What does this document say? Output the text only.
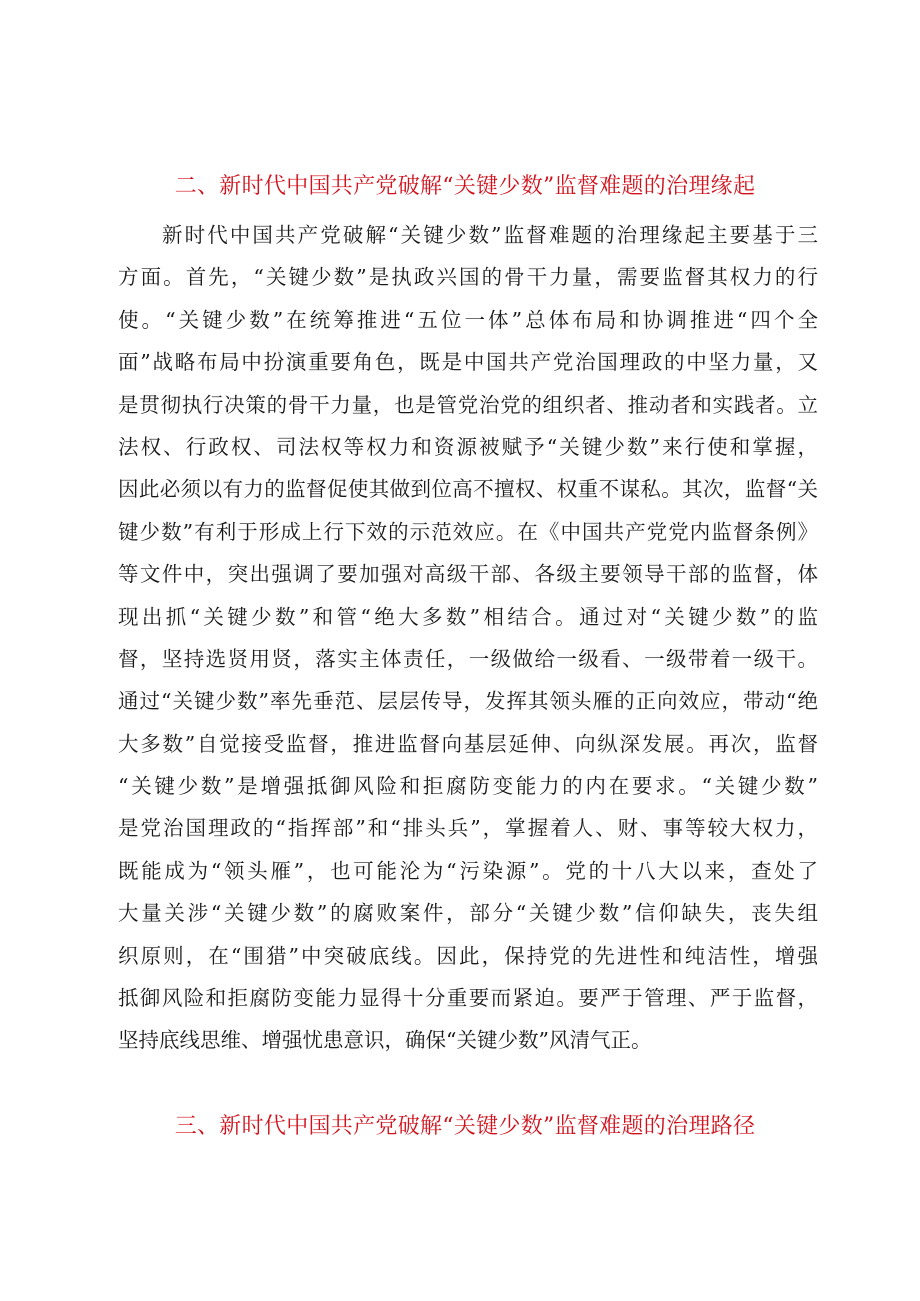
二、新时代中国共产党破解“关键少数”监督难题的治理缘起
新时代中国共产党破解“关键少数”监督难题的治理缘起主要基于三
方面。首先，“关键少数”是执政兴国的骨干力量，需要监督其权力的行
使。“关键少数”在统筹推进“五位一体”总体布局和协调推进“四个全
面”战略布局中扮演重要角色，既是中国共产党治国理政的中坚力量，又
是贯彻执行决策的骨干力量，也是管党治党的组织者、推动者和实践者。立
法权、行政权、司法权等权力和资源被赋予“关键少数”来行使和掌握，
因此必须以有力的监督促使其做到位高不擅权、权重不谋私。其次，监督“关
键少数”有利于形成上行下效的示范效应。在《中国共产党党内监督条例》
等文件中，突出强调了要加强对高级干部、各级主要领导干部的监督，体
现出抓“关键少数”和管“绝大多数”相结合。通过对“关键少数”的监
督，坚持选贤用贤，落实主体责任，一级做给一级看、一级带着一级干。
通过“关键少数”率先垂范、层层传导，发挥其领头雁的正向效应，带动“绝
大多数”自觉接受监督，推进监督向基层延伸、向纵深发展。再次，监督
“关键少数”是增强抵御风险和拒腐防变能力的内在要求。“关键少数”
是党治国理政的“指挥部”和“排头兵”，掌握着人、财、事等较大权力，
既能成为“领头雁”，也可能沦为“污染源”。党的十八大以来，查处了
大量关涉“关键少数”的腐败案件，部分“关键少数”信仰缺失，丧失组
织原则，在“围猎”中突破底线。因此，保持党的先进性和纯洁性，增强
抵御风险和拒腐防变能力显得十分重要而紧迫。要严于管理、严于监督，
坚持底线思维、增强忧患意识，确保“关键少数”风清气正。
三、新时代中国共产党破解“关键少数”监督难题的治理路径
